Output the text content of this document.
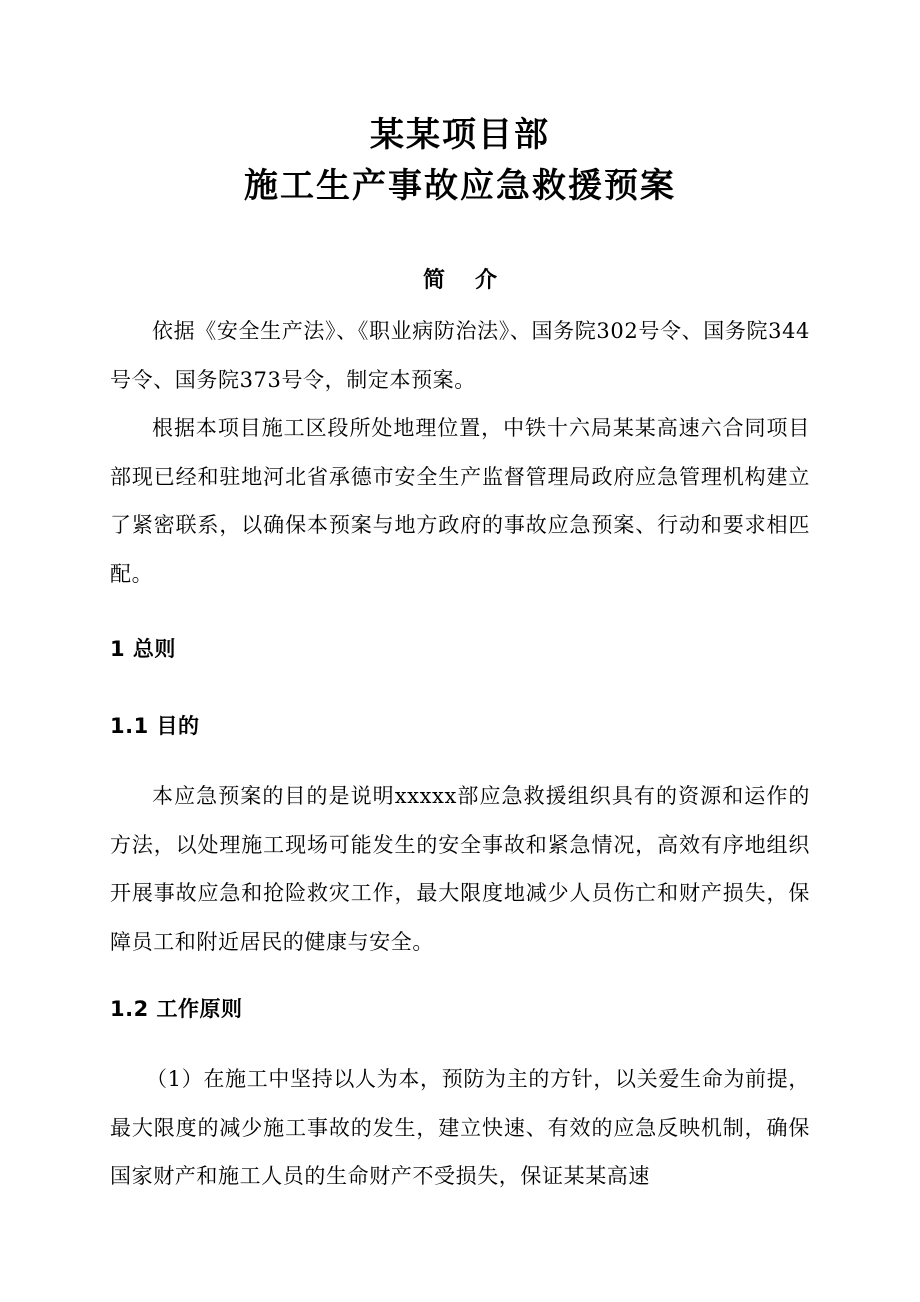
某某项目部
施工生产事故应急救援预案
简介

依据《安全生产法》、《职业病防治法》、国务院302号令、国务院344号令、国务院373号令，制定本预案。

根据本项目施工区段所处地理位置，中铁十六局某某高速六合同项目部现已经和驻地河北省承德市安全生产监督管理局政府应急管理机构建立了紧密联系，以确保本预案与地方政府的事故应急预案、行动和要求相匹配。

1 总则
1.1 目的

本应急预案的目的是说明xxxxx部应急救援组织具有的资源和运作的方法，以处理施工现场可能发生的安全事故和紧急情况，高效有序地组织开展事故应急和抢险救灾工作，最大限度地减少人员伤亡和财产损失，保障员工和附近居民的健康与安全。

1.2 工作原则

（1）在施工中坚持以人为本，预防为主的方针，以关爱生命为前提，最大限度的减少施工事故的发生，建立快速、有效的应急反映机制，确保国家财产和施工人员的生命财产不受损失，保证某某高速
